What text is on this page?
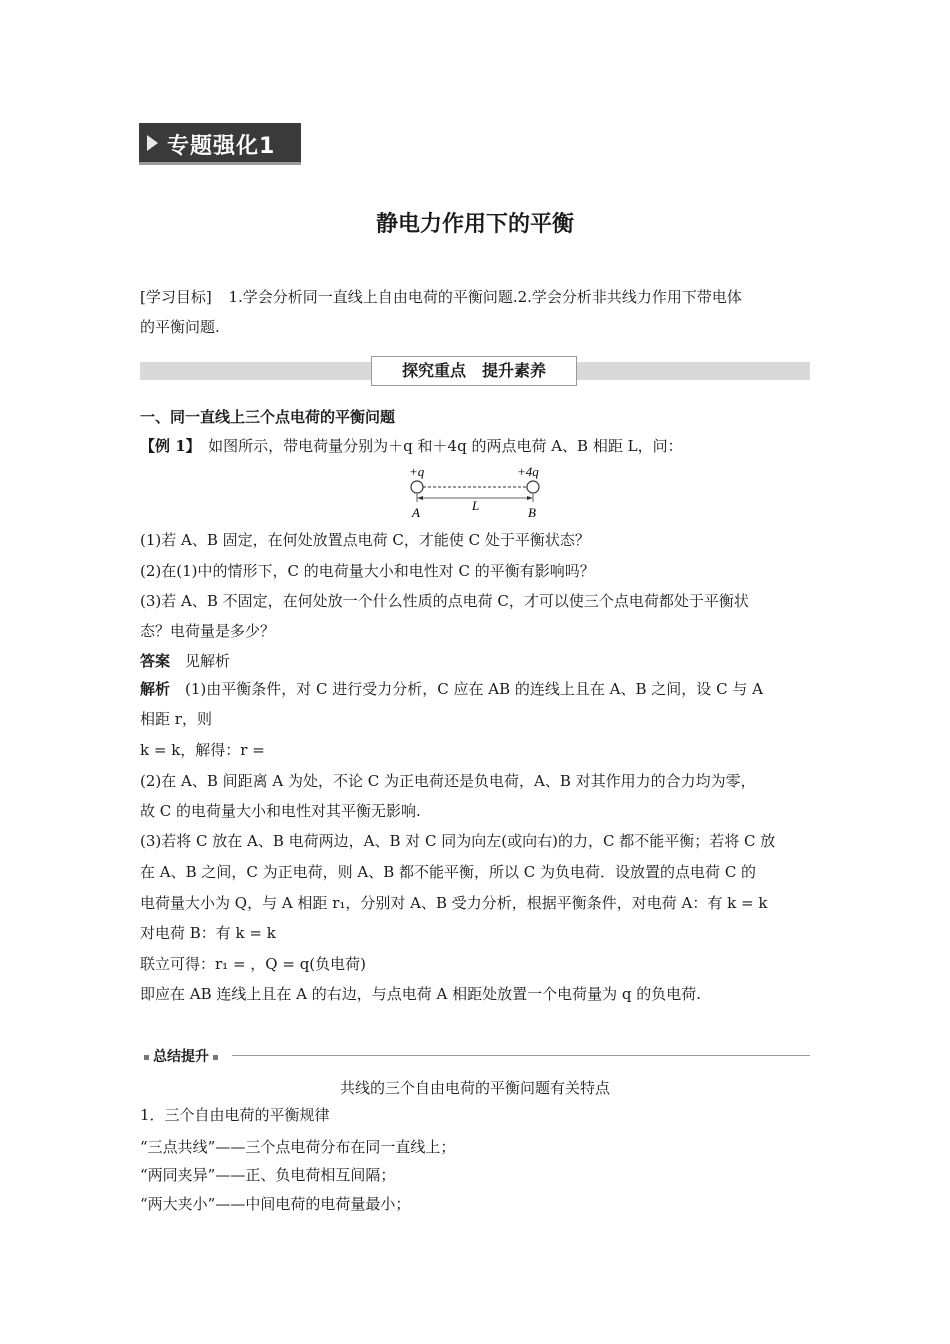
专题强化1
静电力作用下的平衡
[学习目标] 1.学会分析同一直线上自由电荷的平衡问题.2.学会分析非共线力作用下带电体
的平衡问题.
探究重点　提升素养
一、同一直线上三个点电荷的平衡问题
【例 1】　如图所示，带电荷量分别为＋q 和＋4q 的两点电荷 A、B 相距 L，问：
+q	+4q
L
A	B
(1)若 A、B 固定，在何处放置点电荷 C，才能使 C 处于平衡状态？
(2)在(1)中的情形下，C 的电荷量大小和电性对 C 的平衡有影响吗？
(3)若 A、B 不固定，在何处放一个什么性质的点电荷 C，才可以使三个点电荷都处于平衡状
态？电荷量是多少？
答案　见解析
解析　(1)由平衡条件，对 C 进行受力分析，C 应在 AB 的连线上且在 A、B 之间，设 C 与 A
相距 r，则
k = k，解得：r =
(2)在 A、B 间距离 A 为处，不论 C 为正电荷还是负电荷，A、B 对其作用力的合力均为零，
故 C 的电荷量大小和电性对其平衡无影响.
(3)若将 C 放在 A、B 电荷两边，A、B 对 C 同为向左(或向右)的力，C 都不能平衡；若将 C 放
在 A、B 之间，C 为正电荷，则 A、B 都不能平衡，所以 C 为负电荷．设放置的点电荷 C 的
电荷量大小为 Q，与 A 相距 r₁，分别对 A、B 受力分析，根据平衡条件，对电荷 A：有 k = k
对电荷 B：有 k = k
联立可得：r₁ = ，Q = q(负电荷)
即应在 AB 连线上且在 A 的右边，与点电荷 A 相距处放置一个电荷量为 q 的负电荷.
总结提升
共线的三个自由电荷的平衡问题有关特点
1．三个自由电荷的平衡规律
“三点共线”——三个点电荷分布在同一直线上；
“两同夹异”——正、负电荷相互间隔；
“两大夹小”——中间电荷的电荷量最小；
